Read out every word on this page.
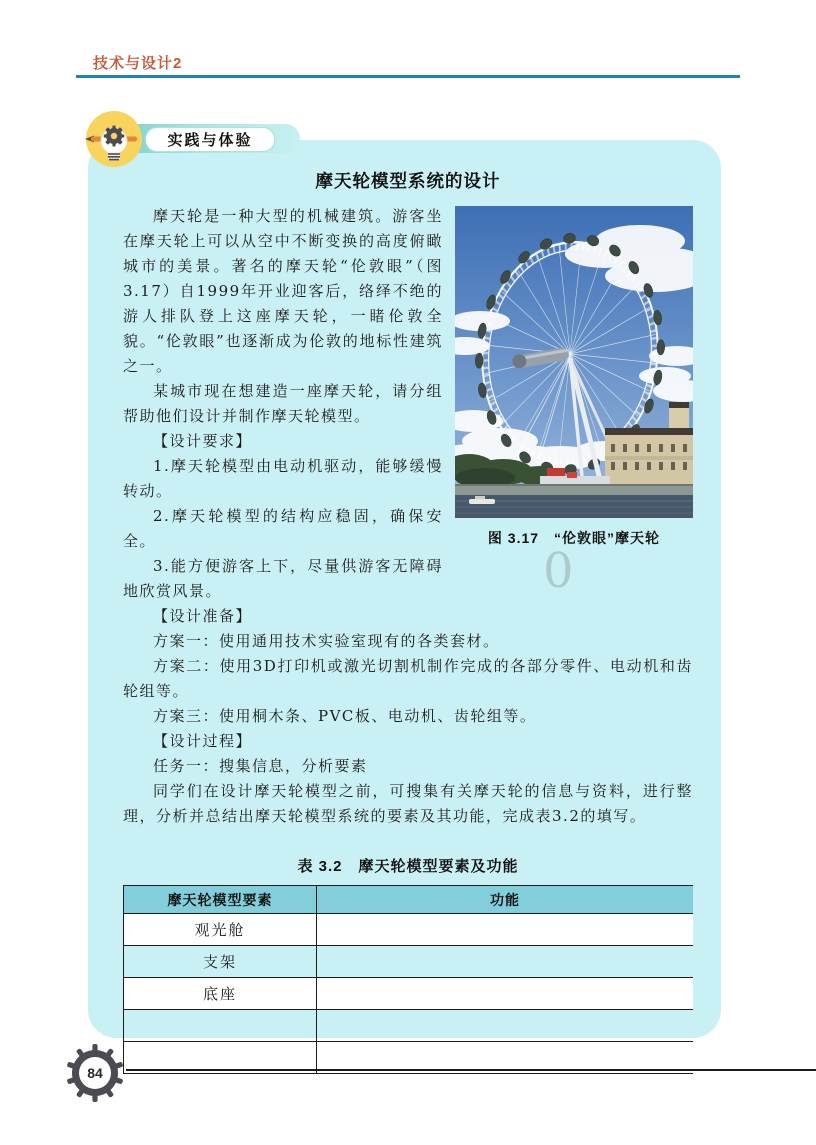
技术与设计2
摩天轮模型系统的设计
图 3.17　“伦敦眼”摩天轮

摩天轮是一种大型的机械建筑。游客坐在摩天轮上可以从空中不断变换的高度俯瞰城市的美景。著名的摩天轮“伦敦眼”（图3.17）自1999年开业迎客后，络绎不绝的游人排队登上这座摩天轮，一睹伦敦全貌。“伦敦眼”也逐渐成为伦敦的地标性建筑之一。

某城市现在想建造一座摩天轮，请分组帮助他们设计并制作摩天轮模型。

【设计要求】

1.摩天轮模型由电动机驱动，能够缓慢转动。

2.摩天轮模型的结构应稳固，确保安全。

3.能方便游客上下，尽量供游客无障碍地欣赏风景。

【设计准备】

方案一：使用通用技术实验室现有的各类套材。

方案二：使用3D打印机或激光切割机制作完成的各部分零件、电动机和齿轮组等。

方案三：使用桐木条、PVC板、电动机、齿轮组等。

【设计过程】

任务一：搜集信息，分析要素

同学们在设计摩天轮模型之前，可搜集有关摩天轮的信息与资料，进行整理，分析并总结出摩天轮模型系统的要素及其功能，完成表3.2的填写。

表 3.2　摩天轮模型要素及功能
摩天轮模型要素	功能
观光舱	
支架	
底座	

实践与体验
0
84
